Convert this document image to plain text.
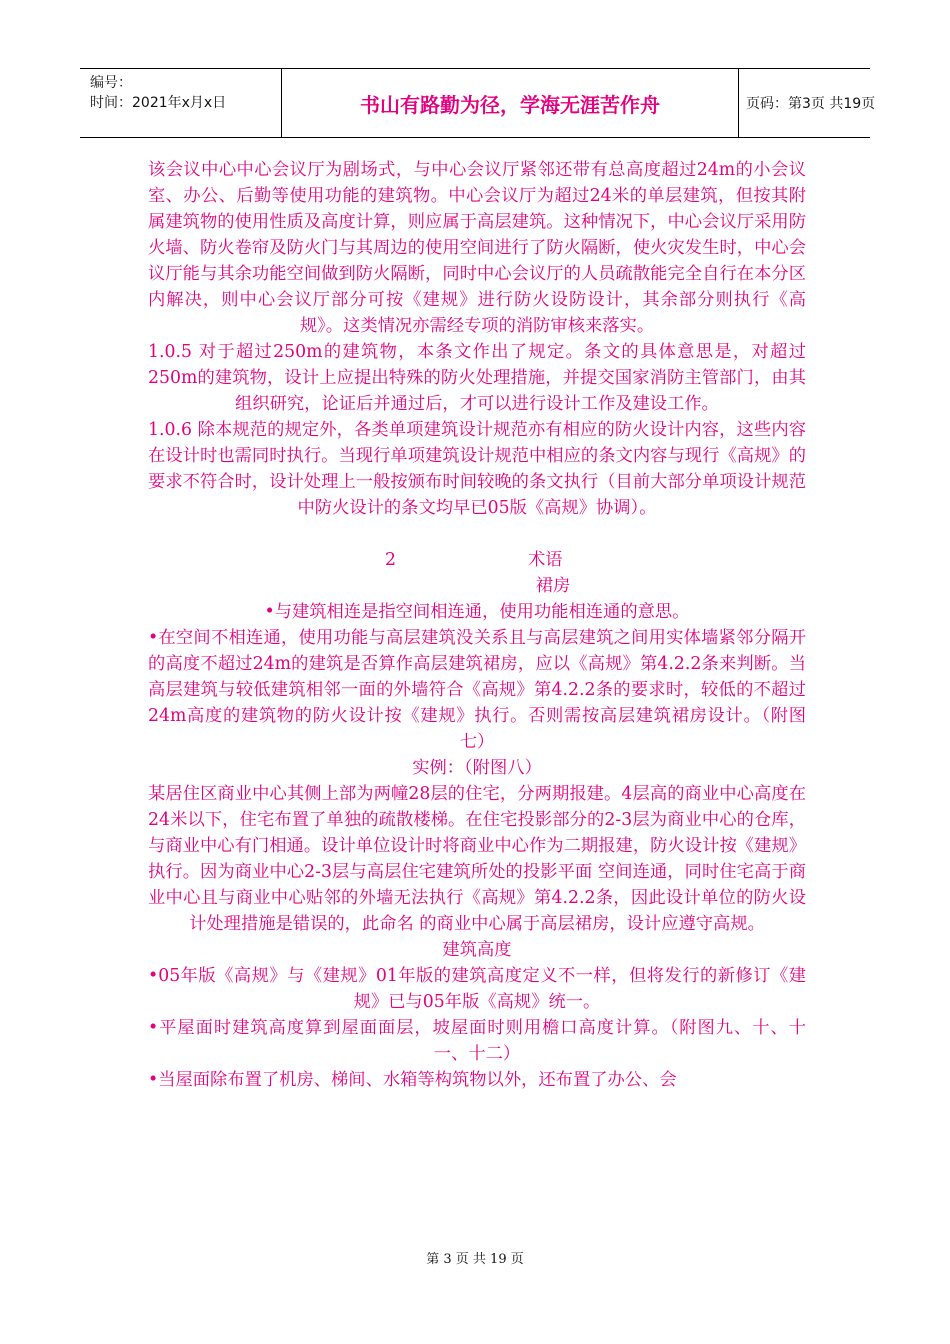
编号：
时间：2021年x月x日	书山有路勤为径，学海无涯苦作舟	页码：第3页 共19页

该会议中心中心会议厅为剧场式，与中心会议厅紧邻还带有总高度超过24m的小会议室、办公、后勤等使用功能的建筑物。中心会议厅为超过24米的单层建筑，但按其附属建筑物的使用性质及高度计算，则应属于高层建筑。这种情况下，中心会议厅采用防火墙、防火卷帘及防火门与其周边的使用空间进行了防火隔断，使火灾发生时，中心会议厅能与其余功能空间做到防火隔断，同时中心会议厅的人员疏散能完全自行在本分区内解决，则中心会议厅部分可按《建规》进行防火设防设计，其余部分则执行《高规》。这类情况亦需经专项的消防审核来落实。

1.0.5 对于超过250m的建筑物，本条文作出了规定。条文的具体意思是，对超过250m的建筑物，设计上应提出特殊的防火处理措施，并提交国家消防主管部门，由其组织研究，论证后并通过后，才可以进行设计工作及建设工作。

1.0.6 除本规范的规定外，各类单项建筑设计规范亦有相应的防火设计内容，这些内容在设计时也需同时执行。当现行单项建筑设计规范中相应的条文内容与现行《高规》的要求不符合时，设计处理上一般按颁布时间较晚的条文执行（目前大部分单项设计规范中防火设计的条文均早已05版《高规》协调）。

2	术语

裙房

•与建筑相连是指空间相连通，使用功能相连通的意思。

•在空间不相连通，使用功能与高层建筑没关系且与高层建筑之间用实体墙紧邻分隔开的高度不超过24m的建筑是否算作高层建筑裙房，应以《高规》第4.2.2条来判断。当高层建筑与较低建筑相邻一面的外墙符合《高规》第4.2.2条的要求时，较低的不超过24m高度的建筑物的防火设计按《建规》执行。否则需按高层建筑裙房设计。（附图七）

实例：（附图八）

某居住区商业中心其侧上部为两幢28层的住宅，分两期报建。4层高的商业中心高度在24米以下，住宅布置了单独的疏散楼梯。在住宅投影部分的2-3层为商业中心的仓库，与商业中心有门相通。设计单位设计时将商业中心作为二期报建，防火设计按《建规》执行。因为商业中心2-3层与高层住宅建筑所处的投影平面 空间连通，同时住宅高于商业中心且与商业中心贴邻的外墙无法执行《高规》第4.2.2条，因此设计单位的防火设计处理措施是错误的，此命名 的商业中心属于高层裙房，设计应遵守高规。

建筑高度

•05年版《高规》与《建规》01年版的建筑高度定义不一样，但将发行的新修订《建规》已与05年版《高规》统一。

•平屋面时建筑高度算到屋面面层，坡屋面时则用檐口高度计算。（附图九、十、十一、十二）

•当屋面除布置了机房、梯间、水箱等构筑物以外，还布置了办公、会

第 3 页 共 19 页
